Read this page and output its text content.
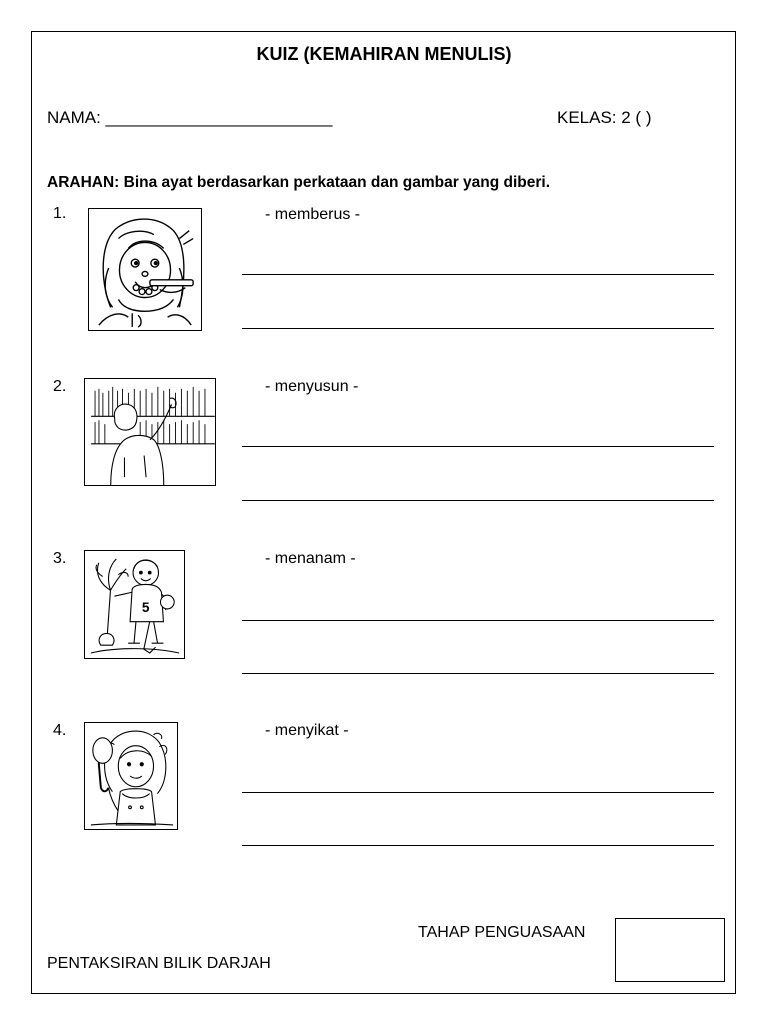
KUIZ (KEMAHIRAN MENULIS)
NAMA: ________________________	KELAS: 2 ( )
ARAHAN: Bina ayat berdasarkan perkataan dan gambar yang diberi.
1.	- memberus -
2.	- menyusun -
3.
5
- menanam -
4.	- menyikat -
TAHAP PENGUASAAN
PENTAKSIRAN BILIK DARJAH
